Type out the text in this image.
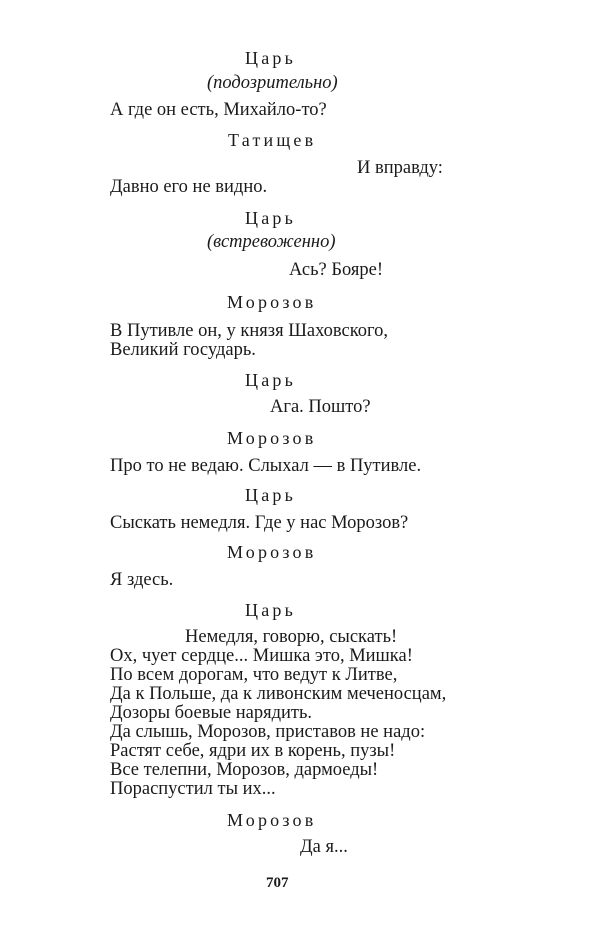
Царь
(подозрительно)
А где он есть, Михайло-то?
Татищев
И вправду:
Давно его не видно.
Царь
(встревоженно)
Ась? Бояре!
Морозов
В Путивле он, у князя Шаховского,
Великий государь.
Царь
Ага. Пошто?
Морозов
Про то не ведаю. Слыхал — в Путивле.
Царь
Сыскать немедля. Где у нас Морозов?
Морозов
Я здесь.
Царь
Немедля, говорю, сыскать!
Ох, чует сердце... Мишка это, Мишка!
По всем дорогам, что ведут к Литве,
Да к Польше, да к ливонским меченосцам,
Дозоры боевые нарядить.
Да слышь, Морозов, приставов не надо:
Растят себе, ядри их в корень, пузы!
Все телепни, Морозов, дармоеды!
Пораспустил ты их...
Морозов
Да я...
707
